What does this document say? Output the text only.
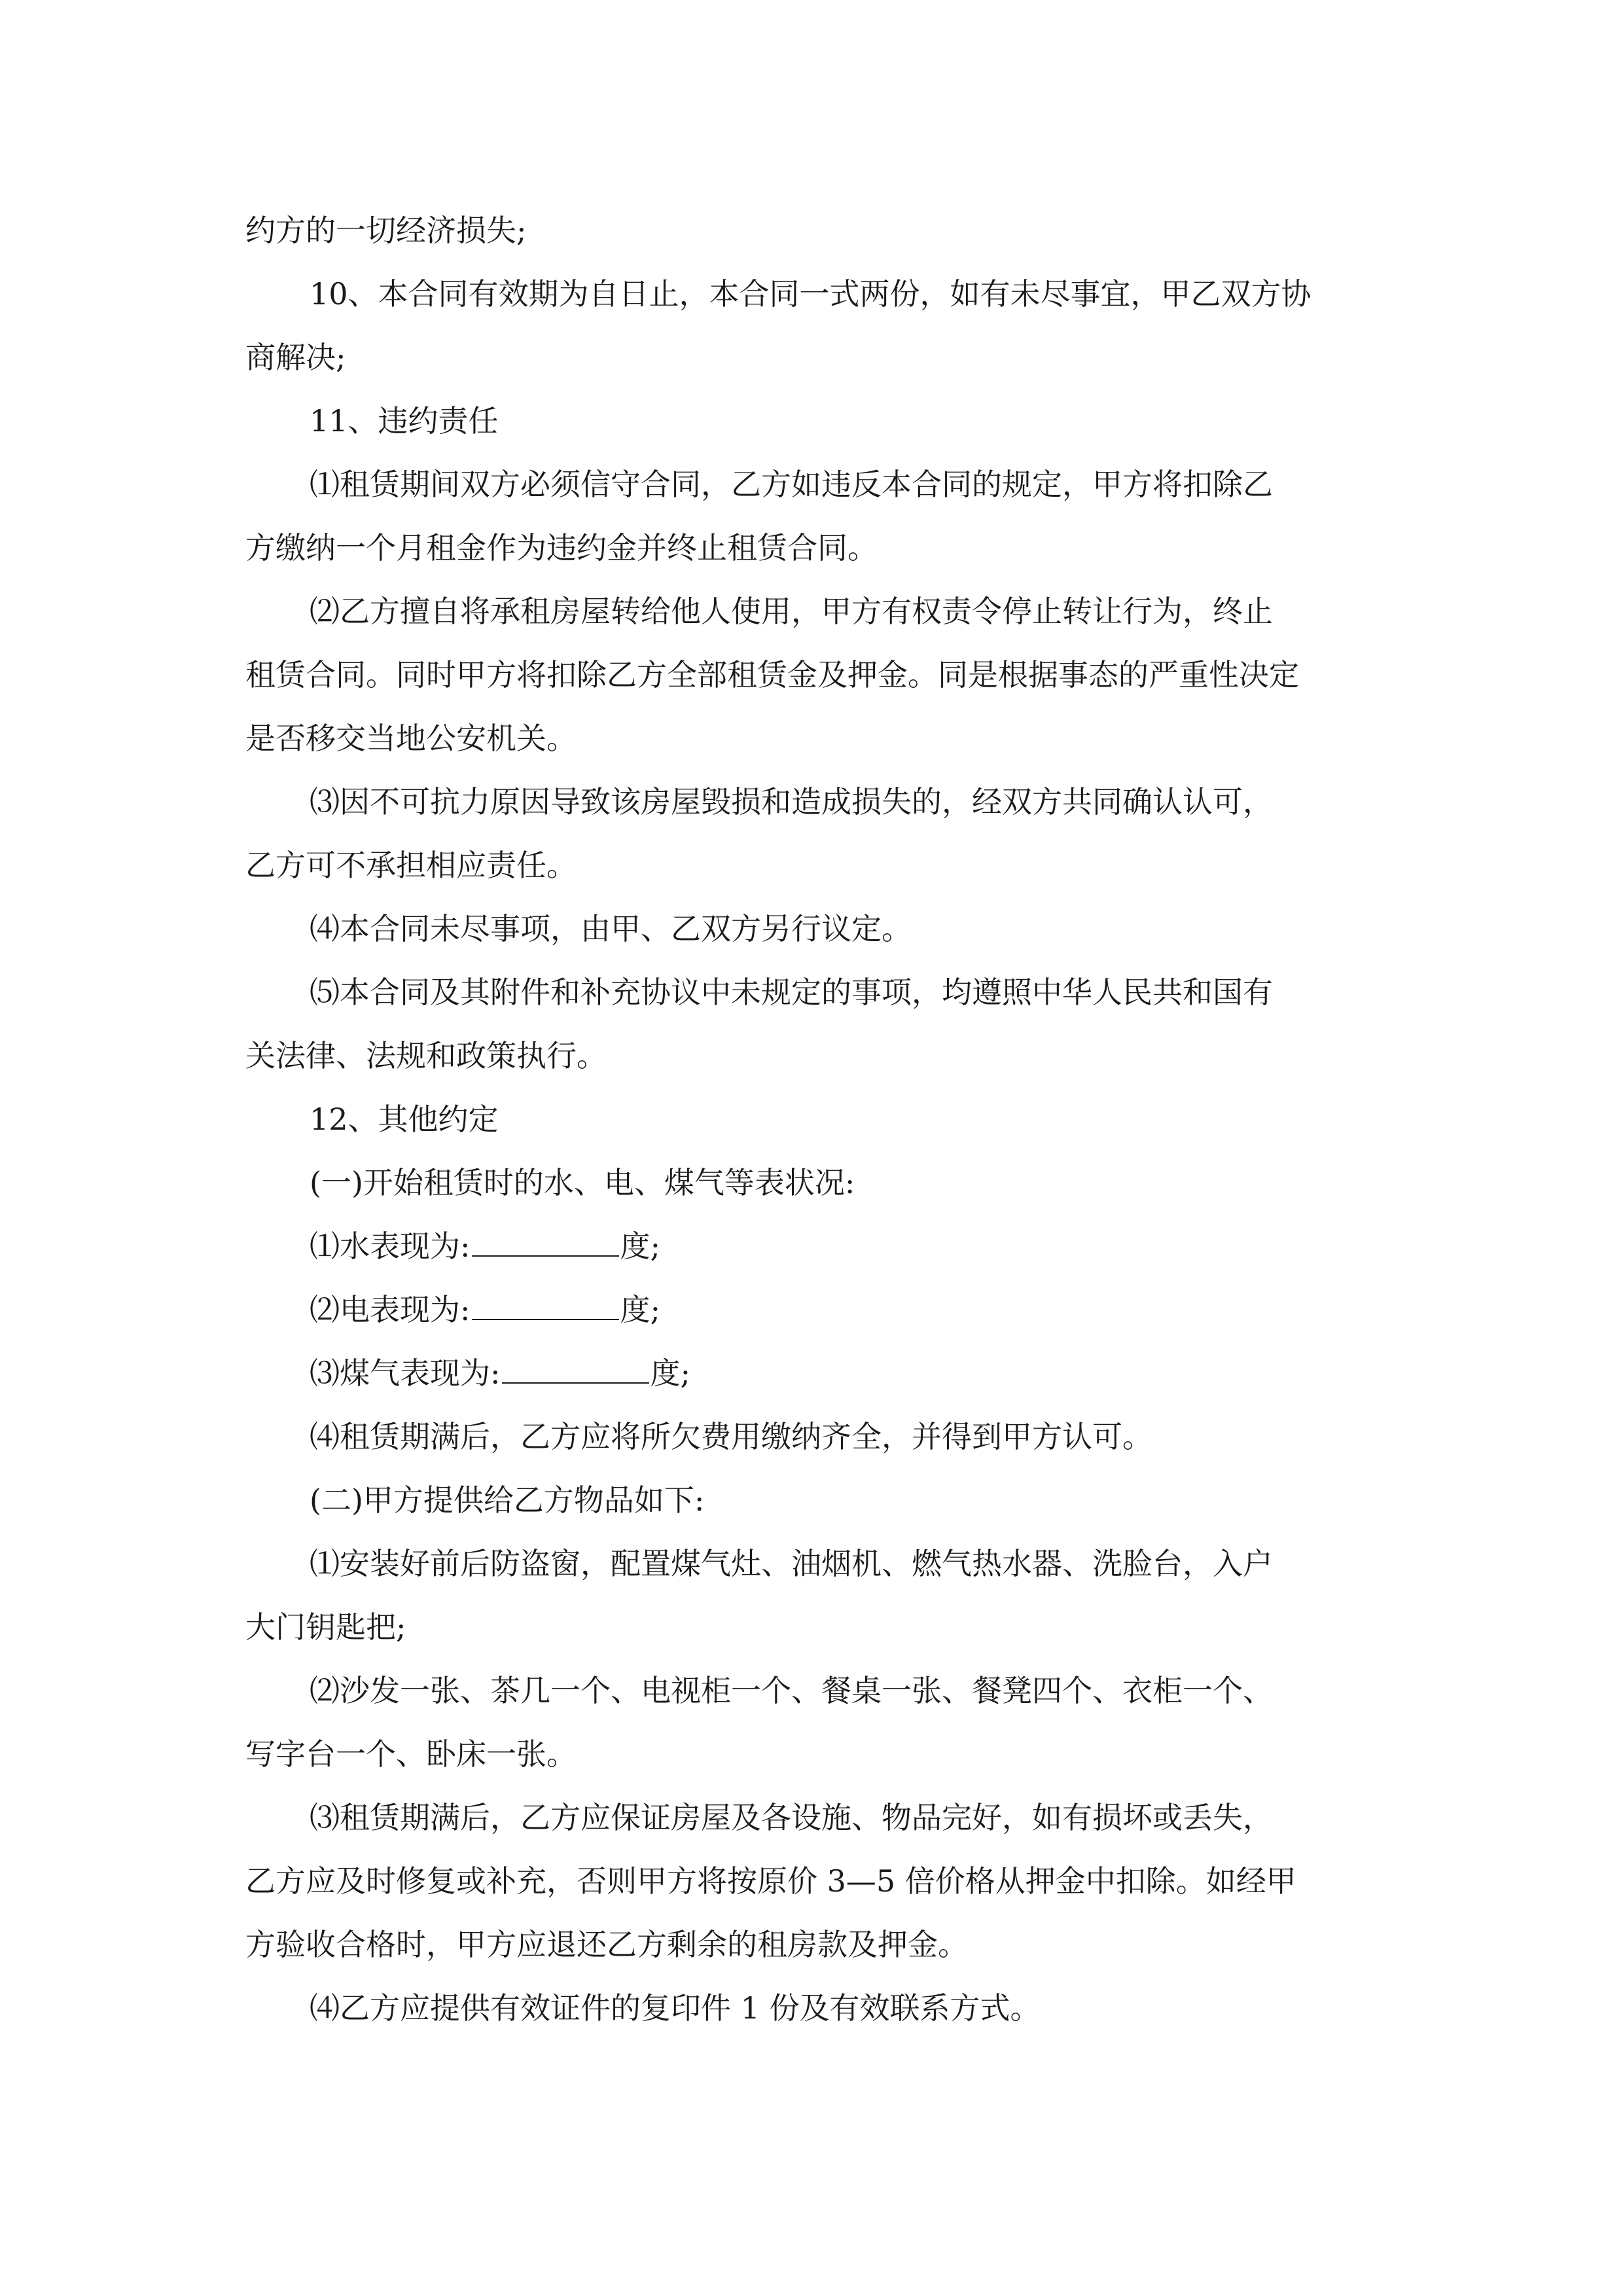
约方的一切经济损失;
10、本合同有效期为自日止，本合同一式两份，如有未尽事宜，甲乙双方协
商解决;
11、违约责任
⑴租赁期间双方必须信守合同，乙方如违反本合同的规定，甲方将扣除乙
方缴纳一个月租金作为违约金并终止租赁合同。
⑵乙方擅自将承租房屋转给他人使用，甲方有权责令停止转让行为，终止
租赁合同。同时甲方将扣除乙方全部租赁金及押金。同是根据事态的严重性决定
是否移交当地公安机关。
⑶因不可抗力原因导致该房屋毁损和造成损失的，经双方共同确认认可，
乙方可不承担相应责任。
⑷本合同未尽事项，由甲、乙双方另行议定。
⑸本合同及其附件和补充协议中未规定的事项，均遵照中华人民共和国有
关法律、法规和政策执行。
12、其他约定
(一)开始租赁时的水、电、煤气等表状况:
⑴水表现为:	度;
⑵电表现为:	度;
⑶煤气表现为:	度;
⑷租赁期满后，乙方应将所欠费用缴纳齐全，并得到甲方认可。
(二)甲方提供给乙方物品如下:
⑴安装好前后防盗窗，配置煤气灶、油烟机、燃气热水器、洗脸台，入户
大门钥匙把;
⑵沙发一张、茶几一个、电视柜一个、餐桌一张、餐凳四个、衣柜一个、
写字台一个、卧床一张。
⑶租赁期满后，乙方应保证房屋及各设施、物品完好，如有损坏或丢失，
乙方应及时修复或补充，否则甲方将按原价 3—5 倍价格从押金中扣除。如经甲
方验收合格时，甲方应退还乙方剩余的租房款及押金。
⑷乙方应提供有效证件的复印件 1 份及有效联系方式。
